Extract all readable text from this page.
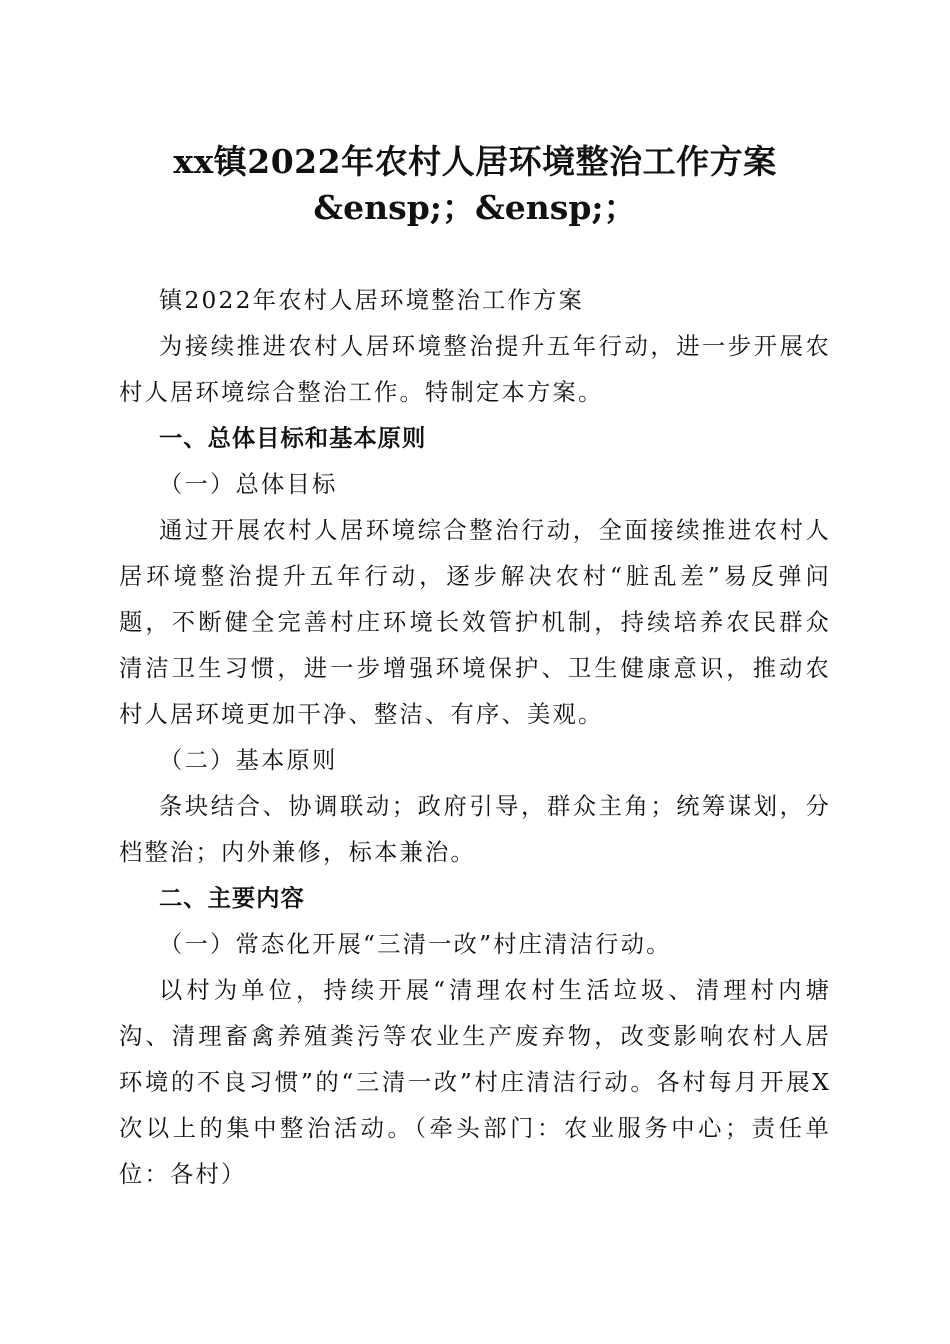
xx镇2022年农村人居环境整治工作方案
&ensp;；&ensp;；

镇2022年农村人居环境整治工作方案

为接续推进农村人居环境整治提升五年行动，进一步开展农村人居环境综合整治工作。特制定本方案。

一、总体目标和基本原则

（一）总体目标

通过开展农村人居环境综合整治行动，全面接续推进农村人居环境整治提升五年行动，逐步解决农村“脏乱差”易反弹问题，不断健全完善村庄环境长效管护机制，持续培养农民群众清洁卫生习惯，进一步增强环境保护、卫生健康意识，推动农村人居环境更加干净、整洁、有序、美观。

（二）基本原则

条块结合、协调联动；政府引导，群众主角；统筹谋划，分档整治；内外兼修，标本兼治。

二、主要内容

（一）常态化开展“三清一改”村庄清洁行动。

以村为单位，持续开展“清理农村生活垃圾、清理村内塘沟、清理畜禽养殖粪污等农业生产废弃物，改变影响农村人居环境的不良习惯”的“三清一改”村庄清洁行动。各村每月开展X次以上的集中整治活动。（牵头部门：农业服务中心；责任单位：各村）
